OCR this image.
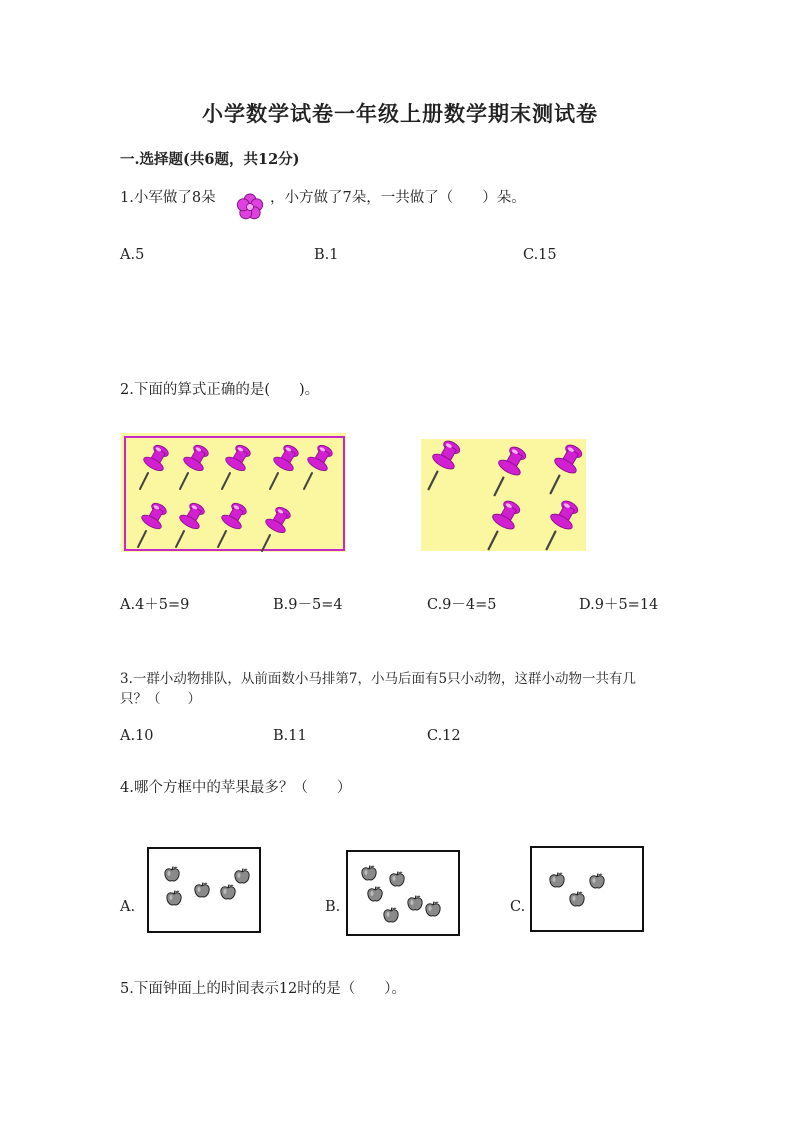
小学数学试卷一年级上册数学期末测试卷
一.选择题(共6题，共12分)
1.小军做了8朵	，小方做了7朵，一共做了（　　）朵。
A.5	B.1	C.15
2.下面的算式正确的是(　　)。
A.4＋5=9	B.9－5=4	C.9－4=5	D.9＋5=14
3.一群小动物排队，从前面数小马排第7，小马后面有5只小动物，这群小动物一共有几
只？（　　）
A.10	B.11	C.12
4.哪个方框中的苹果最多？（　　）
A.	B.	C.
5.下面钟面上的时间表示12时的是（　　）。
